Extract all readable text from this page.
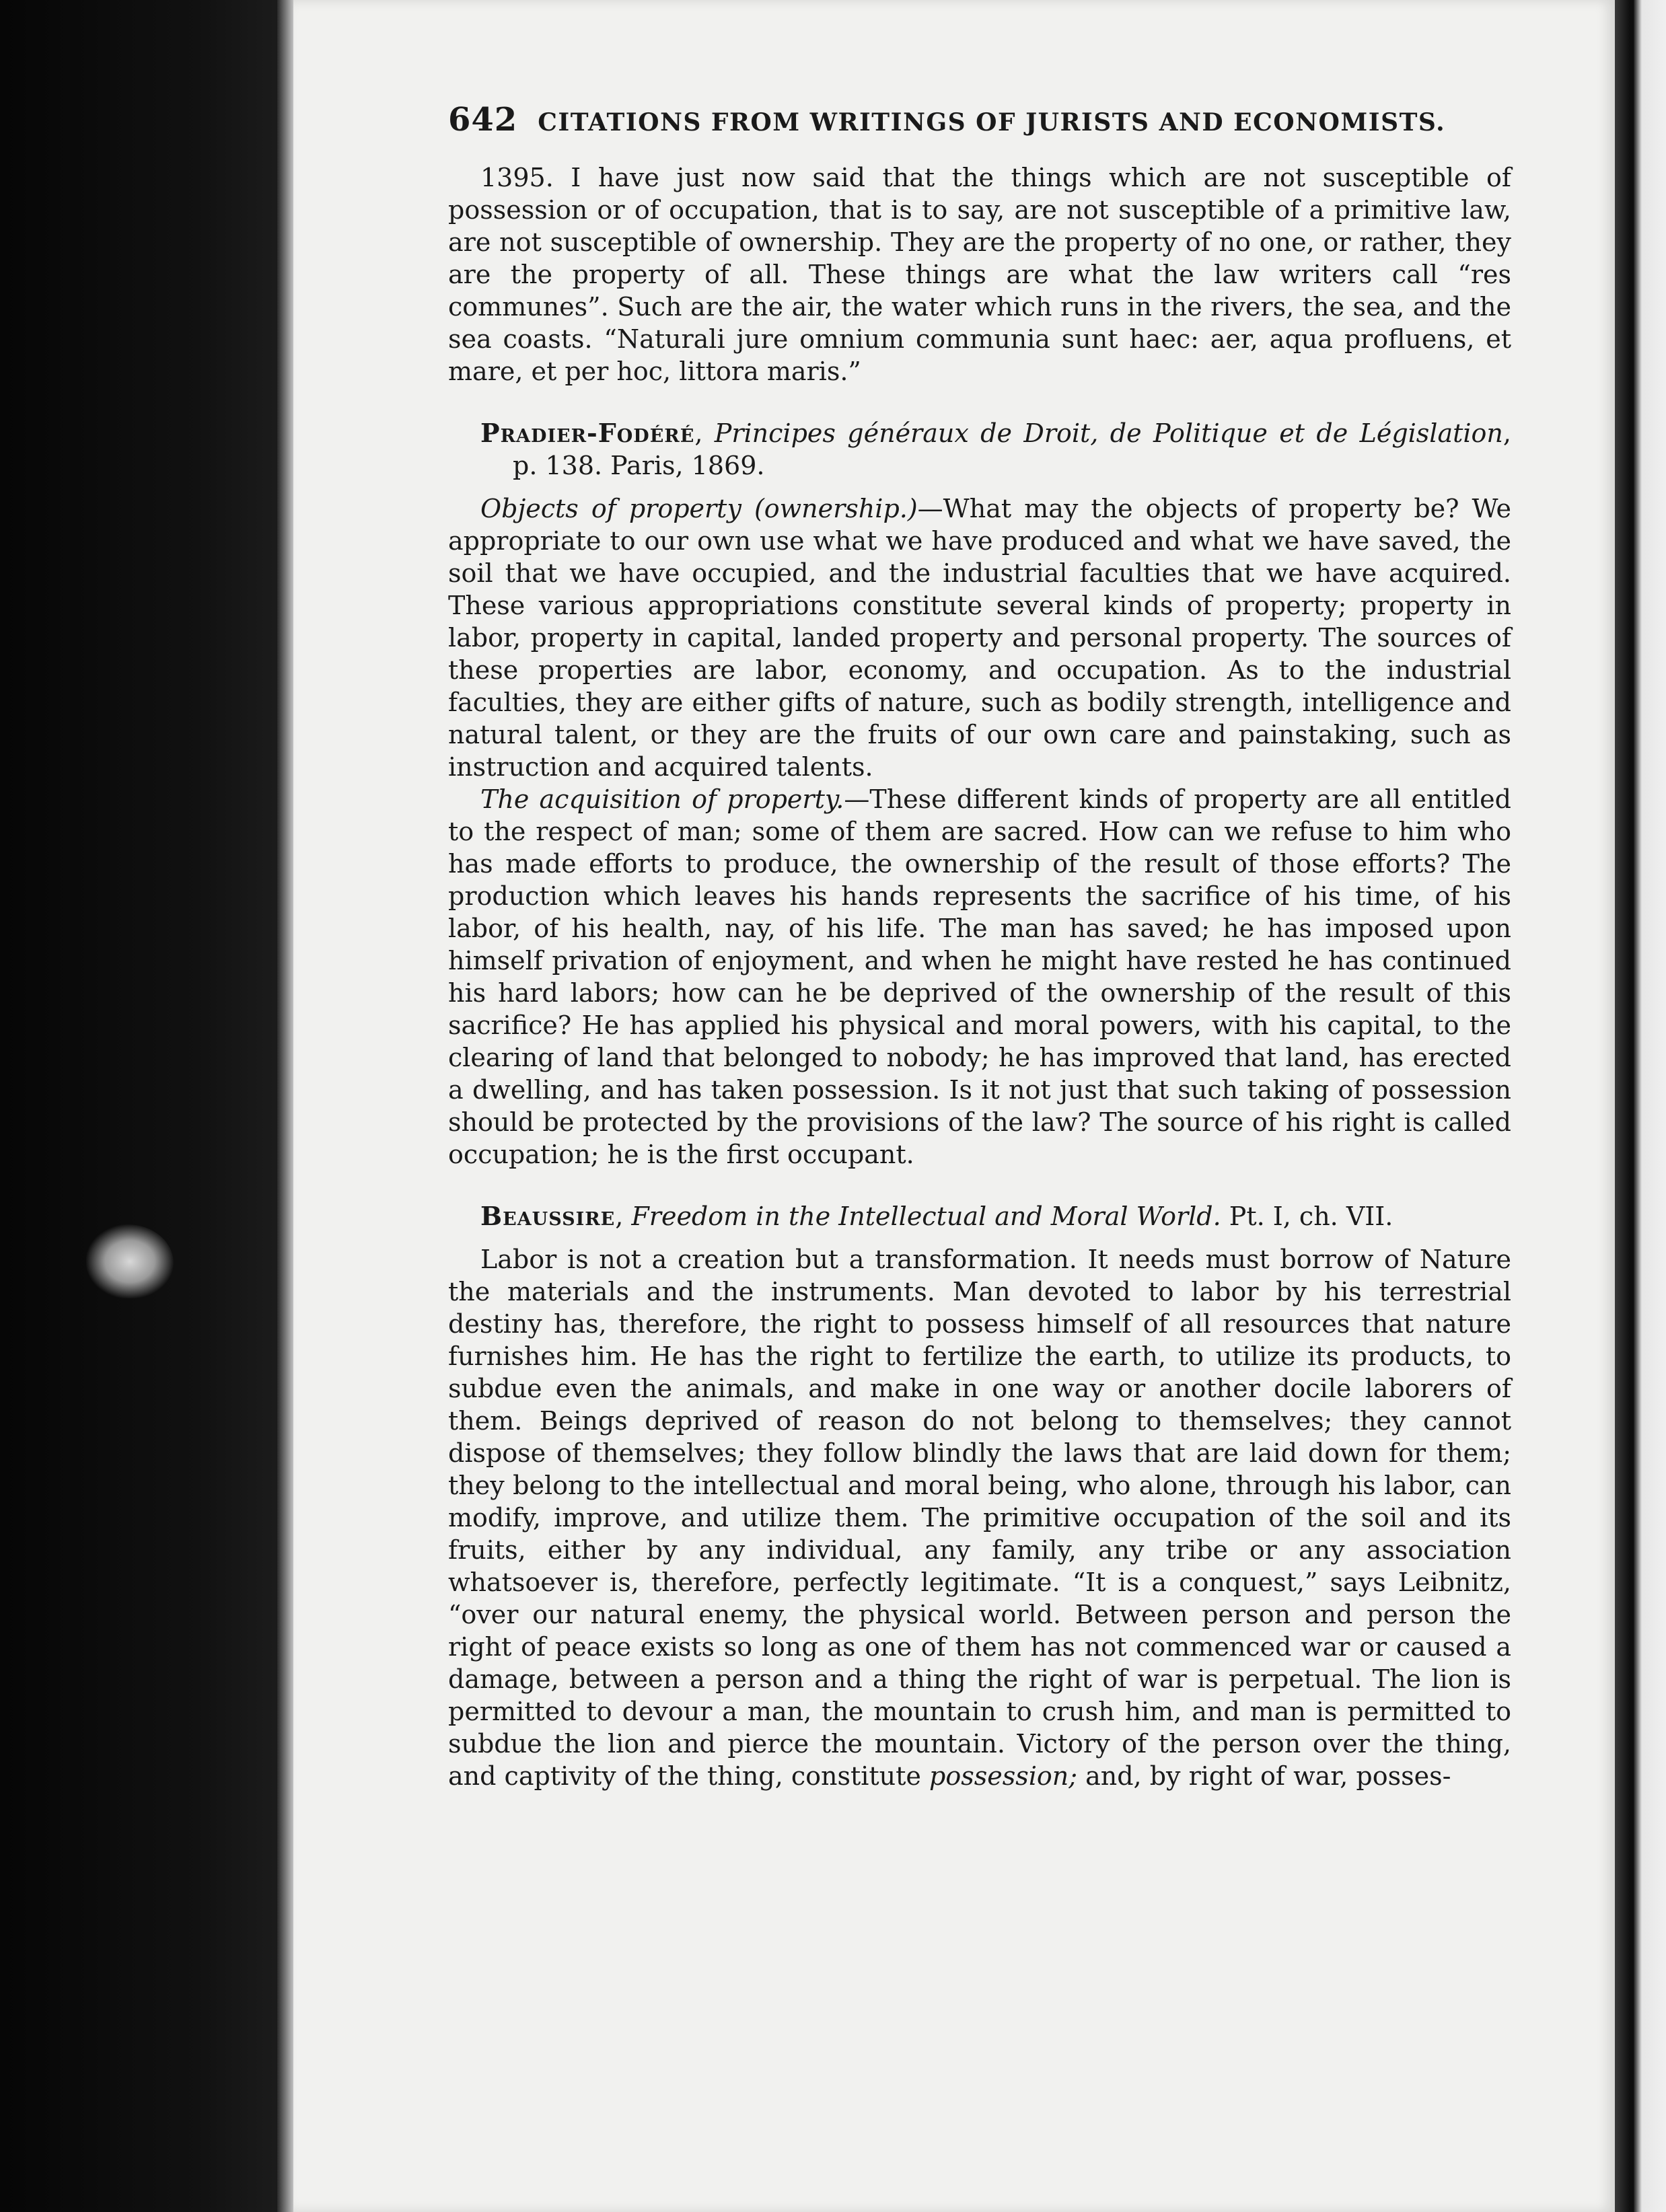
642 CITATIONS FROM WRITINGS OF JURISTS AND ECONOMISTS.

1395. I have just now said that the things which are not susceptible of possession or of occupation, that is to say, are not susceptible of a primitive law, are not susceptible of ownership. They are the property of no one, or rather, they are the property of all. These things are what the law writers call “res communes”. Such are the air, the water which runs in the rivers, the sea, and the sea coasts. “Naturali jure omnium communia sunt haec: aer, aqua profluens, et mare, et per hoc, littora maris.”

Pradier-Fodéré, Principes généraux de Droit, de Politique et de Législation, p. 138. Paris, 1869.

Objects of property (ownership.)—What may the objects of property be? We appropriate to our own use what we have produced and what we have saved, the soil that we have occupied, and the industrial faculties that we have acquired. These various appropriations constitute several kinds of property; property in labor, property in capital, landed property and personal property. The sources of these properties are labor, economy, and occupation. As to the industrial faculties, they are either gifts of nature, such as bodily strength, intelligence and natural talent, or they are the fruits of our own care and painstaking, such as instruction and acquired talents.

The acquisition of property.—These different kinds of property are all entitled to the respect of man; some of them are sacred. How can we refuse to him who has made efforts to produce, the ownership of the result of those efforts? The production which leaves his hands represents the sacrifice of his time, of his labor, of his health, nay, of his life. The man has saved; he has imposed upon himself privation of enjoyment, and when he might have rested he has continued his hard labors; how can he be deprived of the ownership of the result of this sacrifice? He has applied his physical and moral powers, with his capital, to the clearing of land that belonged to nobody; he has improved that land, has erected a dwelling, and has taken possession. Is it not just that such taking of possession should be protected by the provisions of the law? The source of his right is called occupation; he is the first occupant.

Beaussire, Freedom in the Intellectual and Moral World. Pt. I, ch. VII.

Labor is not a creation but a transformation. It needs must borrow of Nature the materials and the instruments. Man devoted to labor by his terrestrial destiny has, therefore, the right to possess himself of all resources that nature furnishes him. He has the right to fertilize the earth, to utilize its products, to subdue even the animals, and make in one way or another docile laborers of them. Beings deprived of reason do not belong to themselves; they cannot dispose of themselves; they follow blindly the laws that are laid down for them; they belong to the intellectual and moral being, who alone, through his labor, can modify, improve, and utilize them. The primitive occupation of the soil and its fruits, either by any individual, any family, any tribe or any association whatsoever is, therefore, perfectly legitimate. “It is a conquest,” says Leibnitz, “over our natural enemy, the physical world. Between person and person the right of peace exists so long as one of them has not commenced war or caused a damage, between a person and a thing the right of war is perpetual. The lion is permitted to devour a man, the mountain to crush him, and man is permitted to subdue the lion and pierce the mountain. Victory of the person over the thing, and captivity of the thing, constitute possession; and, by right of war, posses-
